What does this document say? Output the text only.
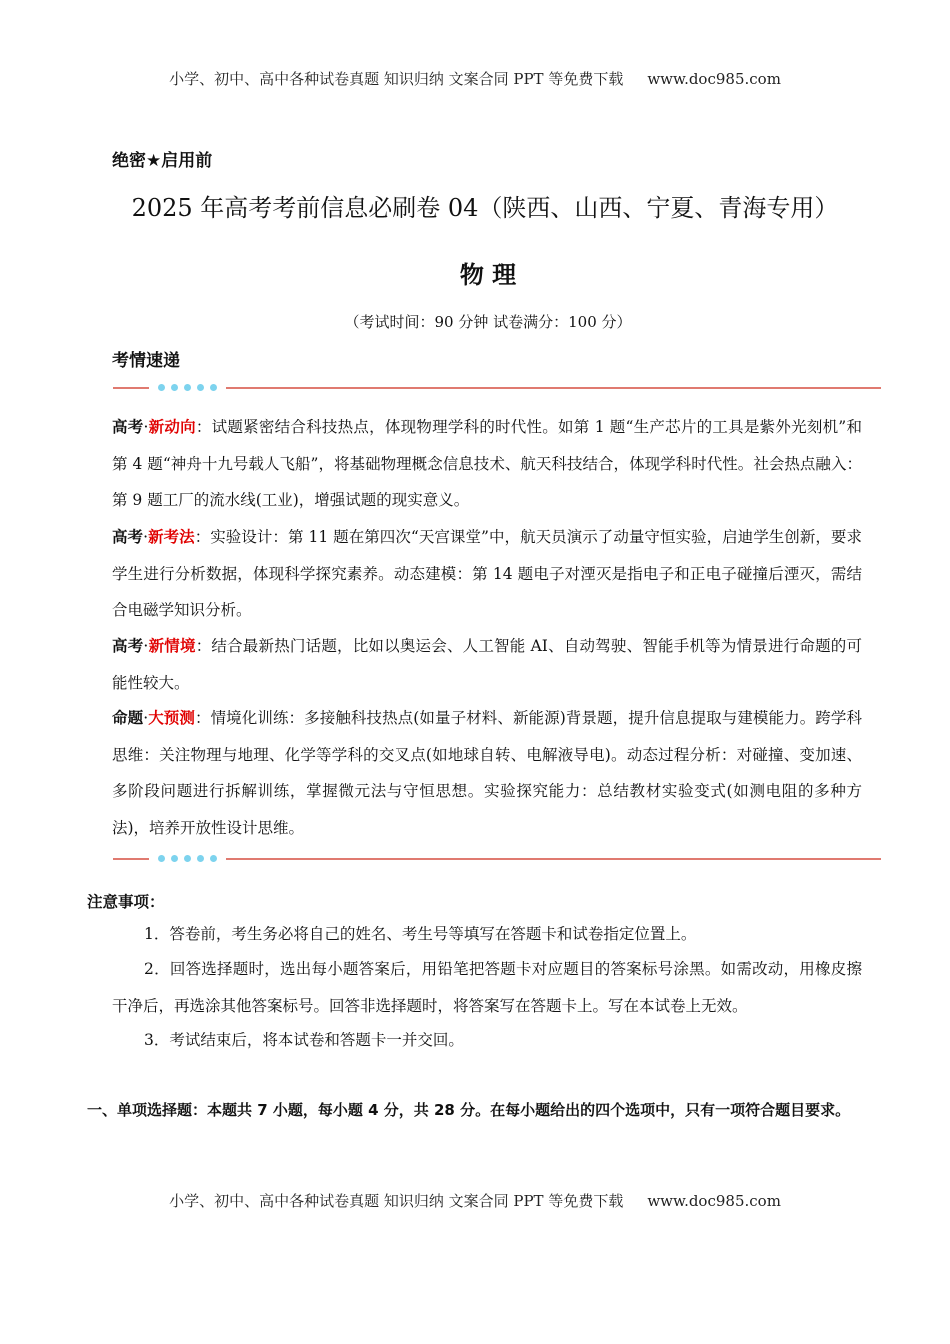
小学、初中、高中各种试卷真题 知识归纳 文案合同 PPT 等免费下载 www.doc985.com
绝密★启用前
2025 年高考考前信息必刷卷 04（陕西、山西、宁夏、青海专用）
物 理
（考试时间：90 分钟 试卷满分：100 分）
考情速递
高考·新动向：试题紧密结合科技热点，体现物理学科的时代性。如第 1 题“生产芯片的工具是紫外光刻机”和第 4 题“神舟十九号载人飞船”，将基础物理概念信息技术、航天科技结合，体现学科时代性。社会热点融入：第 9 题工厂的流水线(工业)，增强试题的现实意义。
高考·新考法：实验设计：第 11 题在第四次“天宫课堂”中，航天员演示了动量守恒实验，启迪学生创新，要求学生进行分析数据，体现科学探究素养。动态建模：第 14 题电子对湮灭是指电子和正电子碰撞后湮灭，需结合电磁学知识分析。
高考·新情境：结合最新热门话题，比如以奥运会、人工智能 AI、自动驾驶、智能手机等为情景进行命题的可能性较大。
命题·大预测：情境化训练：多接触科技热点(如量子材料、新能源)背景题，提升信息提取与建模能力。跨学科思维：关注物理与地理、化学等学科的交叉点(如地球自转、电解液导电)。动态过程分析：对碰撞、变加速、多阶段问题进行拆解训练，掌握微元法与守恒思想。实验探究能力：总结教材实验变式(如测电阻的多种方法)，培养开放性设计思维。
注意事项：
1．答卷前，考生务必将自己的姓名、考生号等填写在答题卡和试卷指定位置上。
2．回答选择题时，选出每小题答案后，用铅笔把答题卡对应题目的答案标号涂黑。如需改动，用橡皮擦干净后，再选涂其他答案标号。回答非选择题时，将答案写在答题卡上。写在本试卷上无效。
3．考试结束后，将本试卷和答题卡一并交回。
一、单项选择题：本题共 7 小题，每小题 4 分，共 28 分。在每小题给出的四个选项中，只有一项符合题目要求。
小学、初中、高中各种试卷真题 知识归纳 文案合同 PPT 等免费下载 www.doc985.com
